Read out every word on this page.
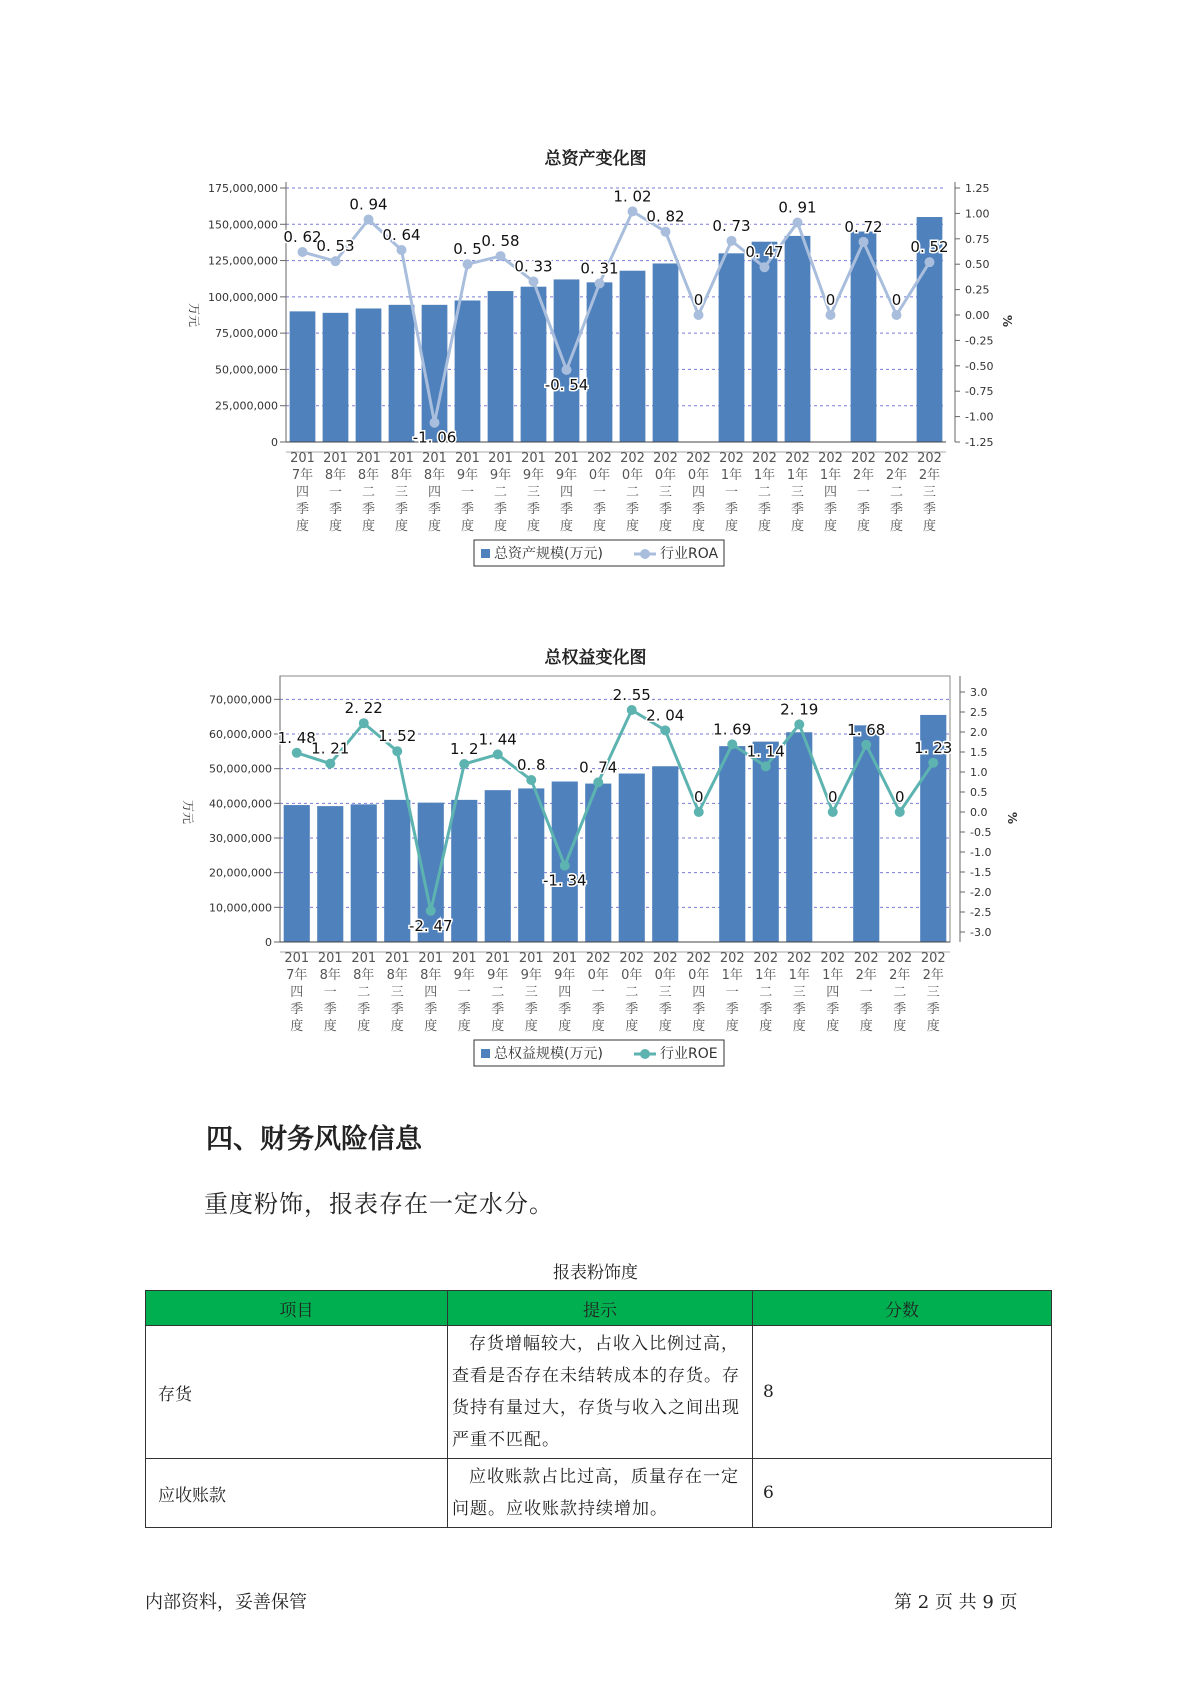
总资产变化图
0
25,000,000
50,000,000
75,000,000
100,000,000
125,000,000
150,000,000
175,000,000
万元
-1.25
-1.00
-0.75
-0.50
-0.25
0.00
0.25
0.50
0.75
1.00
1.25
%
0. 62
0. 53
0. 94
0. 64
-1. 06
0. 5 0. 58
0. 33
-0. 54
0. 31
1. 02
0. 82
0
0. 73
0. 47
0. 91
0
0. 72
0
0. 52
201 7年四季度
201 8年一季度
201 8年二季度
201 8年三季度
201 8年四季度
201 9年一季度
201 9年二季度
201 9年三季度
201 9年四季度
202 0年一季度
202 0年二季度
202 0年三季度
202 0年四季度
202 1年一季度
202 1年二季度
202 1年三季度
202 1年四季度
202 2年一季度
202 2年二季度
202 2年三季度
总资产规模(万元)	行业ROA
总权益变化图
0
10,000,000
20,000,000
30,000,000
40,000,000
50,000,000
60,000,000
70,000,000
万元
-3.0
-2.5
-2.0
-1.5
-1.0
-0.5
0.0
0.5
1.0
1.5
2.0
2.5
3.0
%
1. 48
1. 21
2. 22
1. 52
-2. 47
1. 2
1. 44
0. 8
-1. 34
0. 74
2. 55
2. 04
0
1. 69
1. 14
2. 19
0
1. 68
0
1. 23
201 7年四季度
201 8年一季度
201 8年二季度
201 8年三季度
201 8年四季度
201 9年一季度
201 9年二季度
201 9年三季度
201 9年四季度
202 0年一季度
202 0年二季度
202 0年三季度
202 0年四季度
202 1年一季度
202 1年二季度
202 1年三季度
202 1年四季度
202 2年一季度
202 2年二季度
202 2年三季度
总权益规模(万元)	行业ROE
四、财务风险信息
重度粉饰，报表存在一定水分。
报表粉饰度
项目	提示	分数
存货	存货增幅较大，占收入比例过高，查看是否存在未结转成本的存货。存货持有量过大，存货与收入之间出现严重不匹配。	8
应收账款	应收账款占比过高，质量存在一定问题。应收账款持续增加。	6
内部资料，妥善保管	第 2 页 共 9 页
